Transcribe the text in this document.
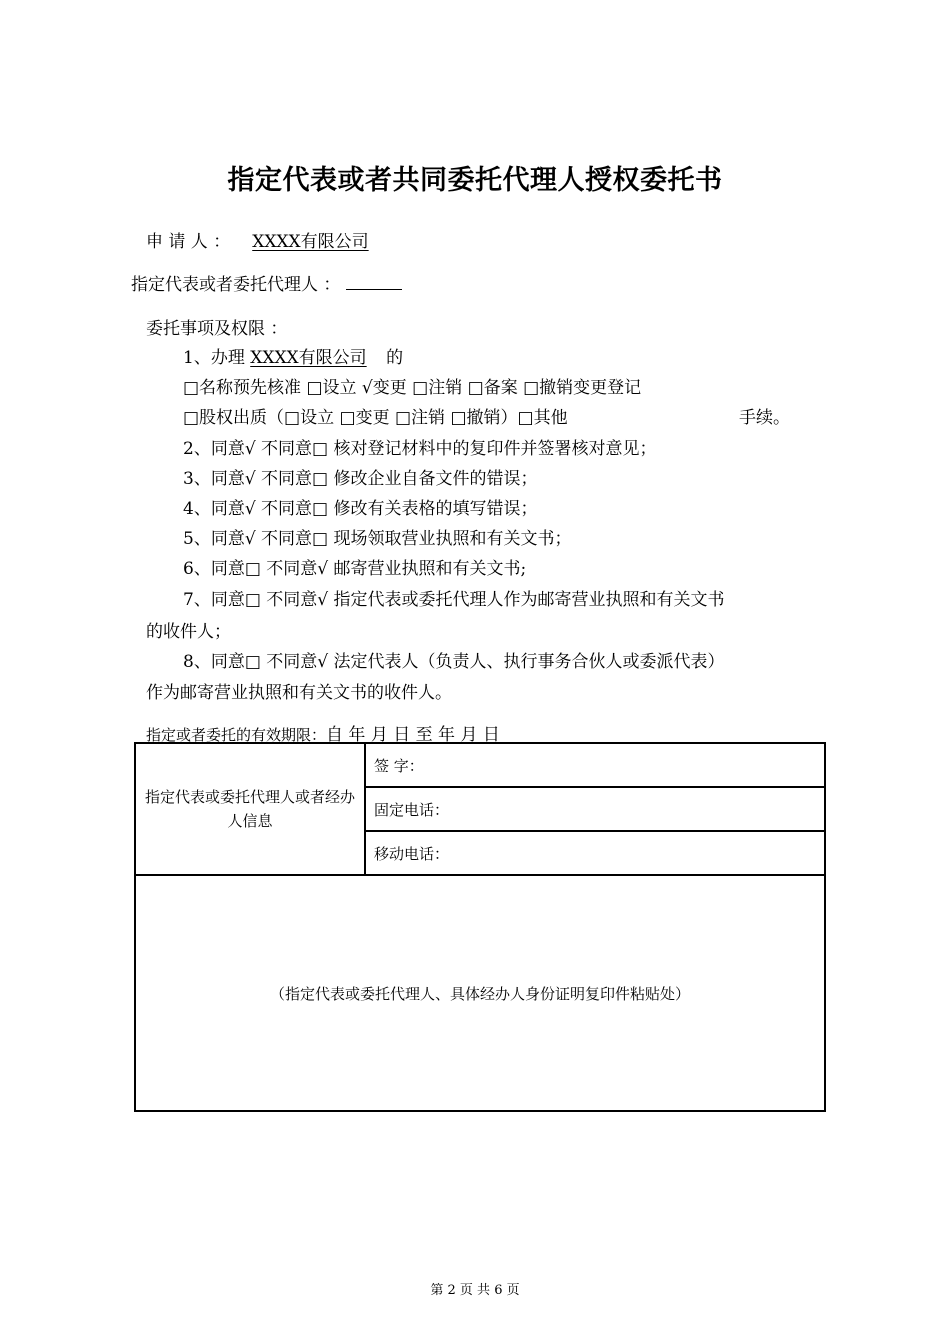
指定代表或者共同委托代理人授权委托书
申 请 人 ： XXXX有限公司
指定代表或者委托代理人 ：
委托事项及权限 ：
1、办理 XXXX有限公司 的
□名称预先核准 □设立 √变更 □注销 □备案 □撤销变更登记
□股权出质（□设立 □变更 □注销 □撤销）□其他	手续。
2、同意√ 不同意□ 核对登记材料中的复印件并签署核对意见；
3、同意√ 不同意□ 修改企业自备文件的错误；
4、同意√ 不同意□ 修改有关表格的填写错误；
5、同意√ 不同意□ 现场领取营业执照和有关文书；
6、同意□ 不同意√ 邮寄营业执照和有关文书;
7、同意□ 不同意√ 指定代表或委托代理人作为邮寄营业执照和有关文书
的收件人；
8、同意□ 不同意√ 法定代表人（负责人、执行事务合伙人或委派代表）
作为邮寄营业执照和有关文书的收件人。
指定或者委托的有效期限：自 年 月 日 至 年 月 日
指定代表或委托代理人或者经办人信息
	签 字：
固定电话：
移动电话：
（指定代表或委托代理人、具体经办人身份证明复印件粘贴处）
第 2 页 共 6 页
